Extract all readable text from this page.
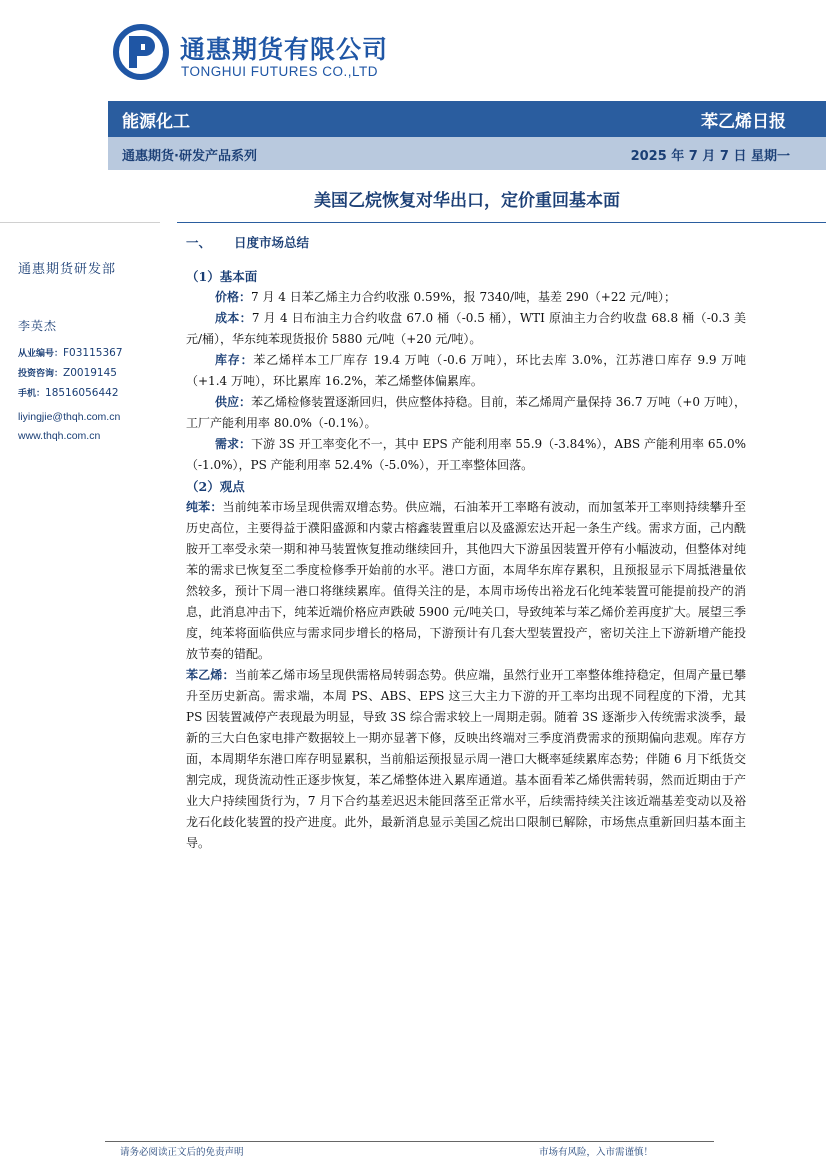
通惠期货有限公司
TONGHUI FUTURES CO.,LTD
能源化工	苯乙烯日报
通惠期货·研发产品系列	2025 年 7 月 7 日 星期一
美国乙烷恢复对华出口，定价重回基本面
通惠期货研发部
李英杰
从业编号：F03115367
投资咨询：Z0019145
手机：18516056442
liyingjie@thqh.com.cn
www.thqh.com.cn
一、	日度市场总结
（1）基本面

价格：7 月 4 日苯乙烯主力合约收涨 0.59%，报 7340/吨，基差 290（+22 元/吨）；

成本：7 月 4 日布油主力合约收盘 67.0 桶（-0.5 桶），WTI 原油主力合约收盘 68.8 桶（-0.3 美元/桶），华东纯苯现货报价 5880 元/吨（+20 元/吨）。

库存：苯乙烯样本工厂库存 19.4 万吨（-0.6 万吨），环比去库 3.0%，江苏港口库存 9.9 万吨（+1.4 万吨），环比累库 16.2%，苯乙烯整体偏累库。

供应：苯乙烯检修装置逐渐回归，供应整体持稳。目前，苯乙烯周产量保持 36.7 万吨（+0 万吨），工厂产能利用率 80.0%（-0.1%）。

需求：下游 3S 开工率变化不一，其中 EPS 产能利用率 55.9（-3.84%），ABS 产能利用率 65.0%（-1.0%），PS 产能利用率 52.4%（-5.0%），开工率整体回落。

（2）观点

纯苯：当前纯苯市场呈现供需双增态势。供应端，石油苯开工率略有波动，而加氢苯开工率则持续攀升至历史高位，主要得益于濮阳盛源和内蒙古榕鑫装置重启以及盛源宏达开起一条生产线。需求方面，己内酰胺开工率受永荣一期和神马装置恢复推动继续回升，其他四大下游虽因装置开停有小幅波动，但整体对纯苯的需求已恢复至二季度检修季开始前的水平。港口方面，本周华东库存累积，且预报显示下周抵港量依然较多，预计下周一港口将继续累库。值得关注的是，本周市场传出裕龙石化纯苯装置可能提前投产的消息，此消息冲击下，纯苯近端价格应声跌破 5900 元/吨关口，导致纯苯与苯乙烯价差再度扩大。展望三季度，纯苯将面临供应与需求同步增长的格局，下游预计有几套大型装置投产，密切关注上下游新增产能投放节奏的错配。

苯乙烯：当前苯乙烯市场呈现供需格局转弱态势。供应端，虽然行业开工率整体维持稳定，但周产量已攀升至历史新高。需求端，本周 PS、ABS、EPS 这三大主力下游的开工率均出现不同程度的下滑，尤其 PS 因装置减停产表现最为明显，导致 3S 综合需求较上一周期走弱。随着 3S 逐渐步入传统需求淡季，最新的三大白色家电排产数据较上一期亦显著下修，反映出终端对三季度消费需求的预期偏向悲观。库存方面，本周期华东港口库存明显累积，当前船运预报显示周一港口大概率延续累库态势；伴随 6 月下纸货交割完成，现货流动性正逐步恢复，苯乙烯整体进入累库通道。基本面看苯乙烯供需转弱，然而近期由于产业大户持续囤货行为，7 月下合约基差迟迟未能回落至正常水平，后续需持续关注该近端基差变动以及裕龙石化歧化装置的投产进度。此外，最新消息显示美国乙烷出口限制已解除，市场焦点重新回归基本面主导。

请务必阅读正文后的免责声明	市场有风险，入市需谨慎！
